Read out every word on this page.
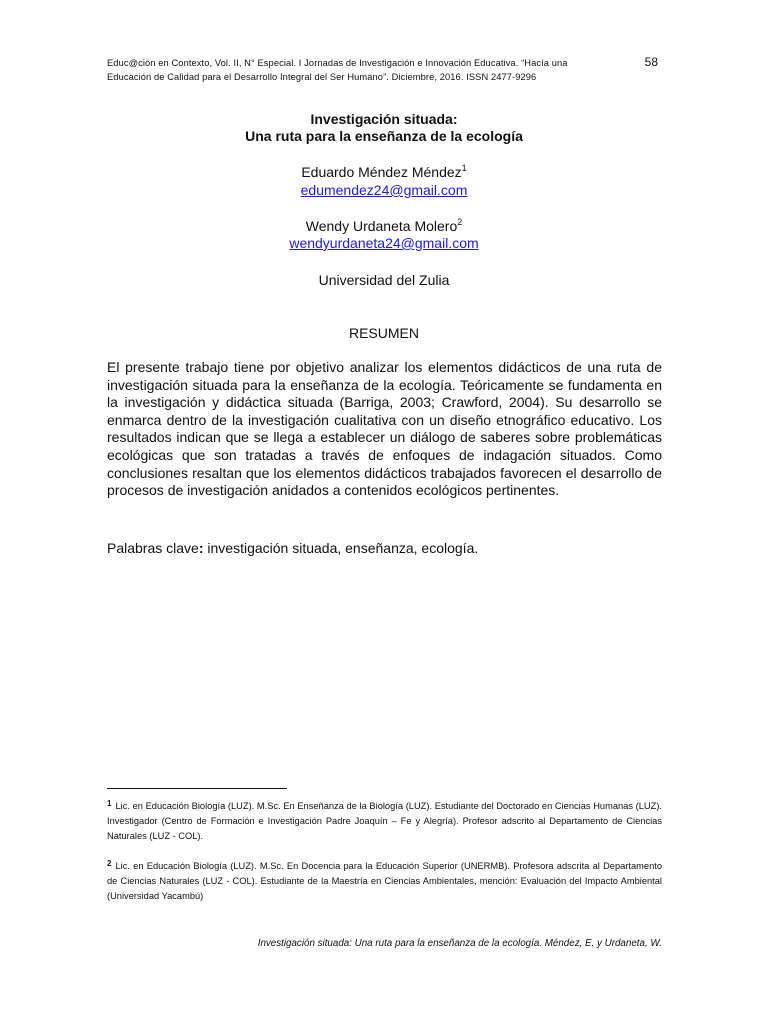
Educ@ción en Contexto, Vol. II, N° Especial. I Jornadas de Investigación e Innovación Educativa. “Hacía una
Educación de Calidad para el Desarrollo Integral del Ser Humano”. Diciembre, 2016. ISSN 2477-9296
58
Investigación situada:
Una ruta para la enseñanza de la ecología
Eduardo Méndez Méndez$^1$
edumendez24@gmail.com
Wendy Urdaneta Molero$^2$
wendyurdaneta24@gmail.com
Universidad del Zulia
RESUMEN

El presente trabajo tiene por objetivo analizar los elementos didácticos de una ruta de investigación situada para la enseñanza de la ecología. Teóricamente se fundamenta en la investigación y didáctica situada (Barriga, 2003; Crawford, 2004). Su desarrollo se enmarca dentro de la investigación cualitativa con un diseño etnográfico educativo. Los resultados indican que se llega a establecer un diálogo de saberes sobre problemáticas ecológicas que son tratadas a través de enfoques de indagación situados. Como conclusiones resaltan que los elementos didácticos trabajados favorecen el desarrollo de procesos de investigación anidados a contenidos ecológicos pertinentes.

Palabras clave: investigación situada, enseñanza, ecología.

1 Lic. en Educación Biología (LUZ). M.Sc. En Enseñanza de la Biología (LUZ). Estudiante del Doctorado en Ciencias Humanas (LUZ). Investigador (Centro de Formación e Investigación Padre Joaquín – Fe y Alegría). Profesor adscrito al Departamento de Ciencias Naturales (LUZ - COL).

2 Lic. en Educación Biología (LUZ). M.Sc. En Docencia para la Educación Superior (UNERMB). Profesora adscrita al Departamento de Ciencias Naturales (LUZ - COL). Estudiante de la Maestría en Ciencias Ambientales, mención: Evaluación del Impacto Ambiental (Universidad Yacambú)

Investigación situada: Una ruta para la enseñanza de la ecología. Méndez, E. y Urdaneta, W.
